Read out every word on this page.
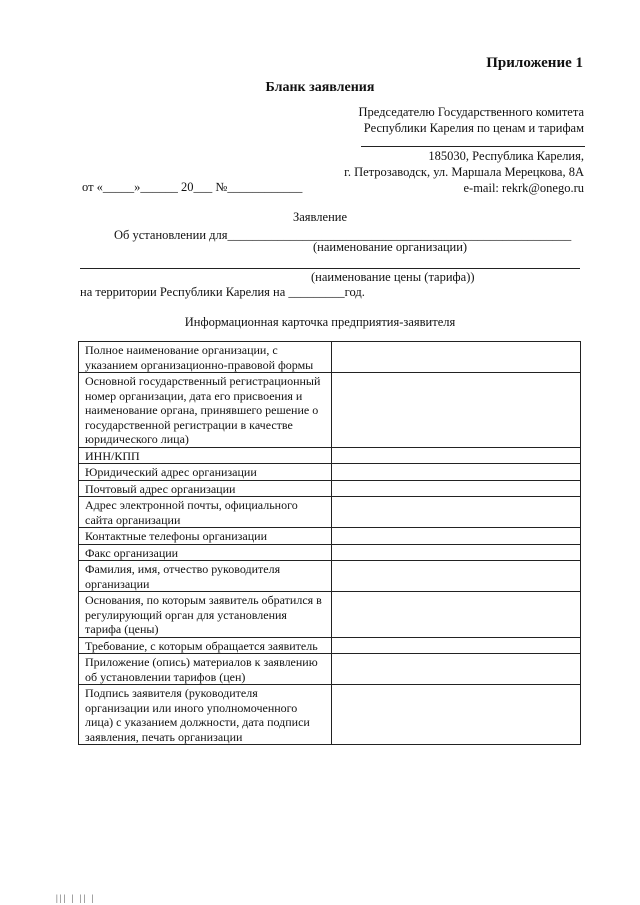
Приложение 1
Бланк заявления
Председателю Государственного комитета
Республики Карелия по ценам и тарифам
185030, Республика Карелия,
г. Петрозаводск, ул. Маршала Мерецкова, 8А
e-mail: rekrk@onego.ru
от «_____»______ 20___ №____________
Заявление
Об установлении для_______________________________________________________
(наименование организации)
(наименование цены (тарифа))
на территории Республики Карелия на _________год.
Информационная карточка предприятия-заявителя
Полное наименование организации, с указанием организационно-правовой формы	
Основной государственный регистрационный номер организации, дата его присвоения и наименование органа, принявшего решение о государственной регистрации в качестве юридического лица)	
ИНН/КПП	
Юридический адрес организации	
Почтовый адрес организации	
Адрес электронной почты, официального сайта организации	
Контактные телефоны организации	
Факс организации	
Фамилия, имя, отчество руководителя организации	
Основания, по которым заявитель обратился в регулирующий орган для установления тарифа (цены)	
Требование, с которым обращается заявитель	
Приложение (опись) материалов к заявлению об установлении тарифов (цен)	
Подпись заявителя (руководителя организации или иного уполномоченного лица) с указанием должности, дата подписи заявления, печать организации	
||| | || |
